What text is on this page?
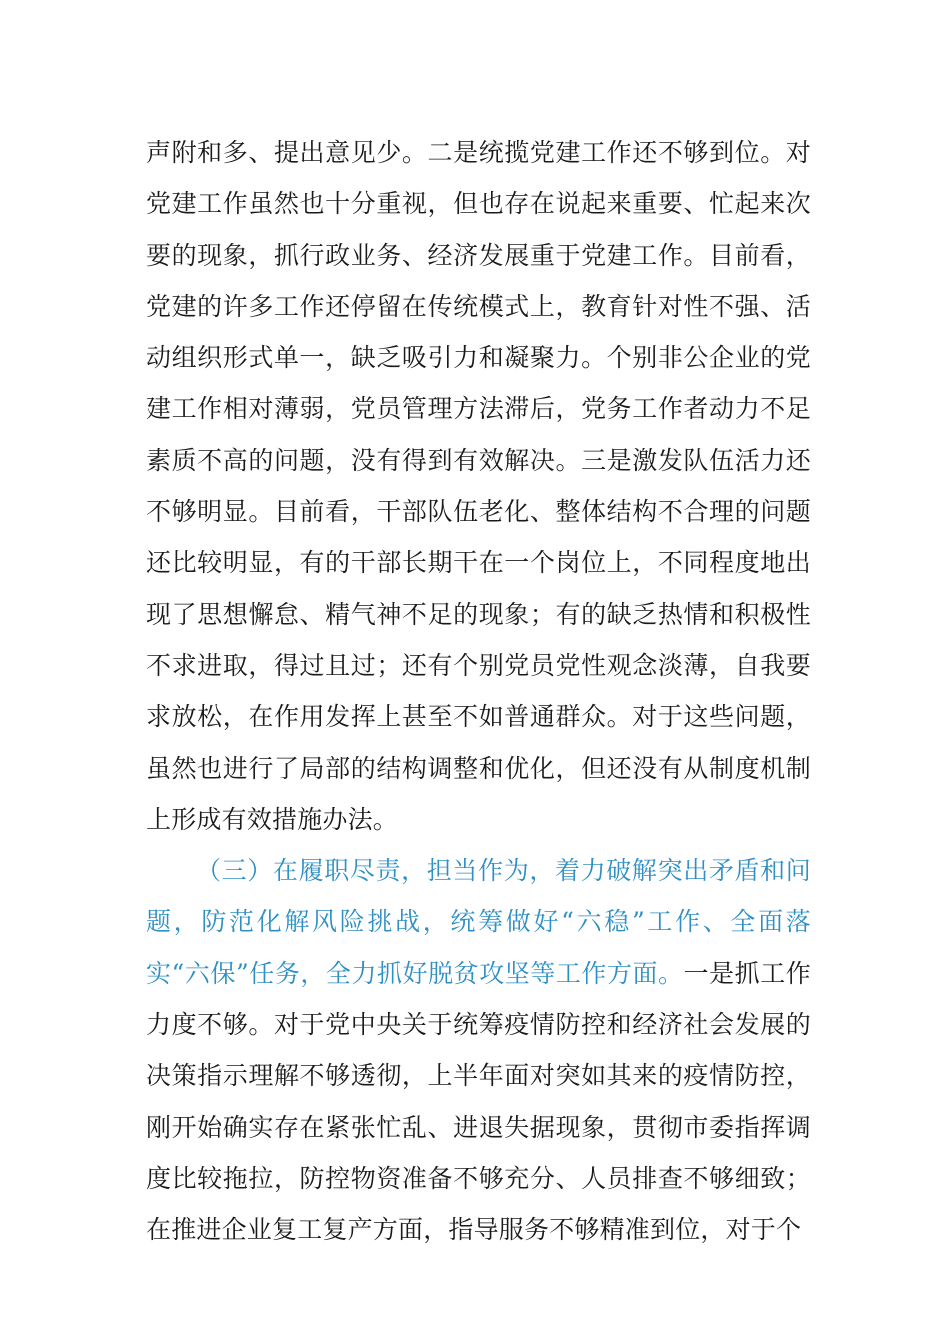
声附和多、提出意见少。二是统揽党建工作还不够到位。对党建工作虽然也十分重视，但也存在说起来重要、忙起来次要的现象，抓行政业务、经济发展重于党建工作。目前看，党建的许多工作还停留在传统模式上，教育针对性不强、活动组织形式单一，缺乏吸引力和凝聚力。个别非公企业的党建工作相对薄弱，党员管理方法滞后，党务工作者动力不足素质不高的问题，没有得到有效解决。三是激发队伍活力还不够明显。目前看，干部队伍老化、整体结构不合理的问题还比较明显，有的干部长期干在一个岗位上，不同程度地出现了思想懈怠、精气神不足的现象；有的缺乏热情和积极性不求进取，得过且过；还有个别党员党性观念淡薄，自我要求放松，在作用发挥上甚至不如普通群众。对于这些问题，虽然也进行了局部的结构调整和优化，但还没有从制度机制上形成有效措施办法。

（三）在履职尽责，担当作为，着力破解突出矛盾和问题，防范化解风险挑战，统筹做好“六稳”工作、全面落实“六保”任务，全力抓好脱贫攻坚等工作方面。一是抓工作力度不够。对于党中央关于统筹疫情防控和经济社会发展的决策指示理解不够透彻，上半年面对突如其来的疫情防控，刚开始确实存在紧张忙乱、进退失据现象，贯彻市委指挥调度比较拖拉，防控物资准备不够充分、人员排查不够细致；在推进企业复工复产方面，指导服务不够精准到位，对于个
